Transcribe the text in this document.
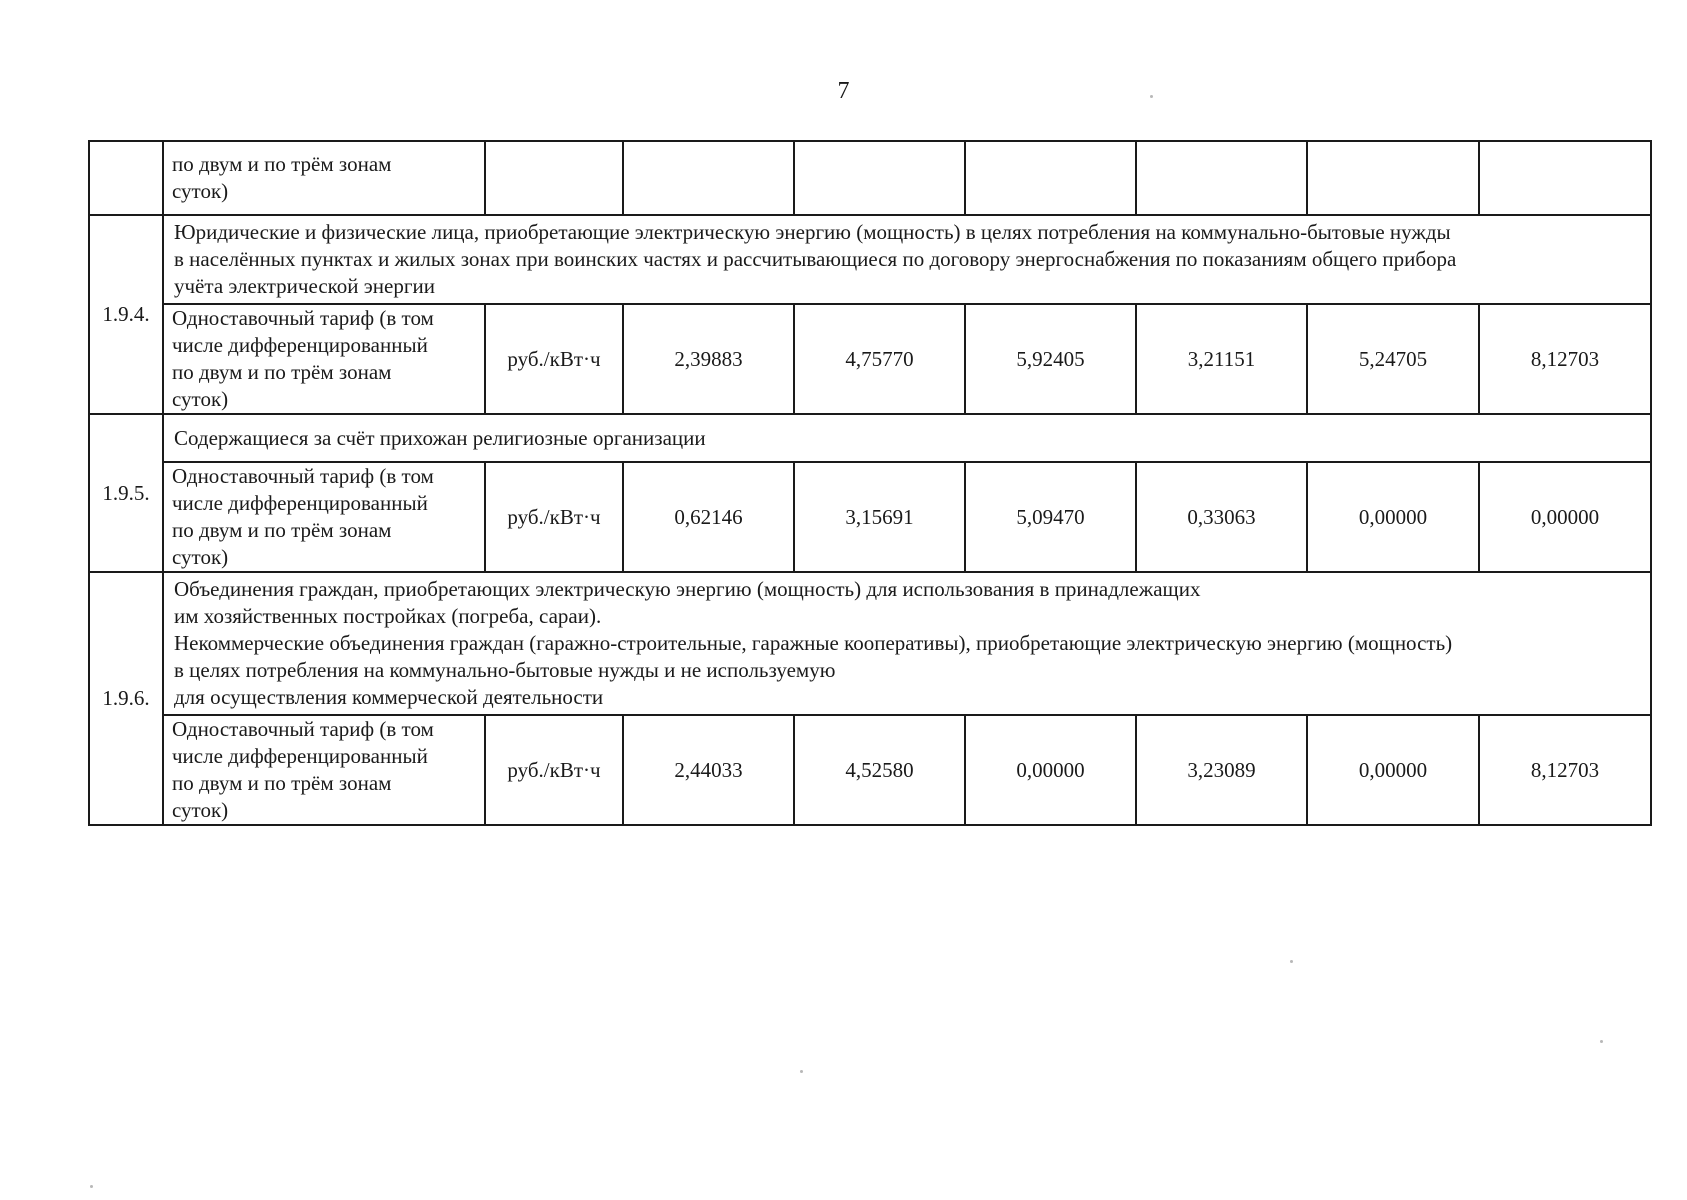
7

	по двум и по трём зонам
суток)							

1.9.4.	Юридические и физические лица, приобретающие электрическую энергию (мощность) в целях потребления на коммунально-бытовые нужды
в населённых пунктах и жилых зонах при воинских частях и рассчитывающиеся по договору энергоснабжения по показаниям общего прибора
учёта электрической энергии							

	Одноставочный тариф (в том
числе дифференцированный
по двум и по трём зонам
суток)	руб./кВт·ч	2,39883	4,75770	5,92405	3,21151	5,24705	8,12703
1.9.5.	Содержащиеся за счёт прихожан религиозные организации							

	Одноставочный тариф (в том
числе дифференцированный
по двум и по трём зонам
суток)	руб./кВт·ч	0,62146	3,15691	5,09470	0,33063	0,00000	0,00000
1.9.6.	Объединения граждан, приобретающих электрическую энергию (мощность) для использования в принадлежащих
им хозяйственных постройках (погреба, сараи).
Некоммерческие объединения граждан (гаражно-строительные, гаражные кооперативы), приобретающие электрическую энергию (мощность)
в целях потребления на коммунально-бытовые нужды и не используемую
для осуществления коммерческой деятельности							

	Одноставочный тариф (в том
числе дифференцированный
по двум и по трём зонам
суток)	руб./кВт·ч	2,44033	4,52580	0,00000	3,23089	0,00000	8,12703
